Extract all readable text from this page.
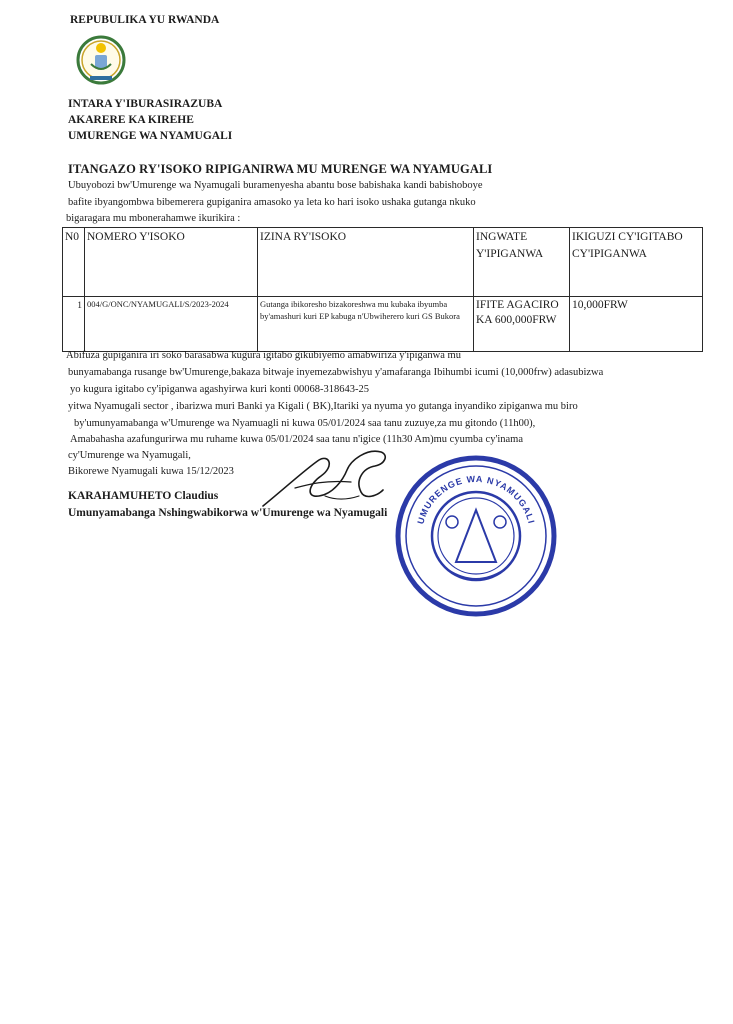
REPUBULIKA YU RWANDA
INTARA Y'IBURASIRAZUBA
AKARERE KA KIREHE
UMURENGE WA NYAMUGALI
ITANGAZO RY'ISOKO RIPIGANIRWA MU MURENGE WA NYAMUGALI
Ubuyobozi bw'Umurenge wa Nyamugali buramenyesha abantu bose babishaka kandi babishoboye
bafite ibyangombwa bibemerera gupiganira amasoko ya leta ko hari isoko ushaka gutanga nkuko
bigaragara mu mbonerahamwe ikurikira :
N0	NOMERO Y'ISOKO	IZINA RY'ISOKO	INGWATE Y'IPIGANWA	IKIGUZI CY'IGITABO CY'IPIGANWA
1	004/G/ONC/NYAMUGALI/S/2023-2024	Gutanga ibikoresho bizakoreshwa mu kubaka ibyumba by'amashuri kuri EP kabuga n'Ubwiherero kuri GS Bukora	IFITE AGACIRO KA 600,000FRW	10,000FRW
Abifuza gupiganira iri soko barasabwa kugura igitabo gikubiyemo amabwiriza y'ipiganwa mu
bunyamabanga rusange bw'Umurenge,bakaza bitwaje inyemezabwishyu y'amafaranga Ibihumbi icumi (10,000frw) adasubizwa
yo kugura igitabo cy'ipiganwa agashyirwa kuri konti 00068-318643-25
yitwa Nyamugali sector , ibarizwa muri Banki ya Kigali ( BK),Itariki ya nyuma yo gutanga inyandiko zipiganwa mu biro
by'umunyamabanga w'Umurenge wa Nyamuagli ni kuwa 05/01/2024 saa tanu zuzuye,za mu gitondo (11h00),
Amabahasha azafungurirwa mu ruhame kuwa 05/01/2024 saa tanu n'igice (11h30 Am)mu cyumba cy'inama
cy'Umurenge wa Nyamugali,
Bikorewe Nyamugali kuwa 15/12/2023
KARAHAMUHETO Claudius
Umunyamabanga Nshingwabikorwa w'Umurenge wa Nyamugali
UMURENGE WA NYAMUGALI
